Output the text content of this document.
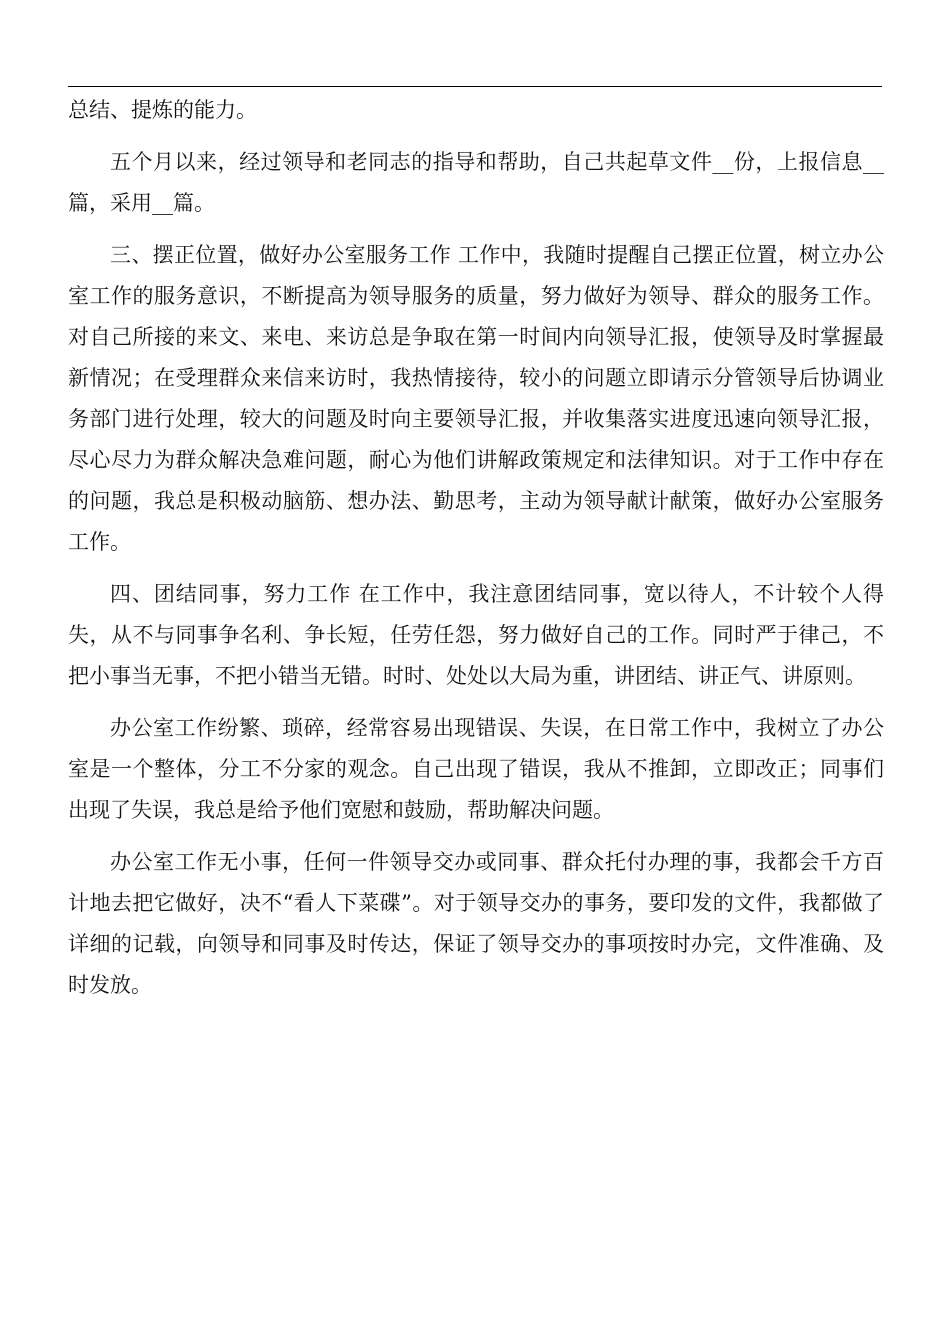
总结、提炼的能力。

五个月以来，经过领导和老同志的指导和帮助，自己共起草文件__份，上报信息__篇，采用__篇。

三、摆正位置，做好办公室服务工作 工作中，我随时提醒自己摆正位置，树立办公室工作的服务意识，不断提高为领导服务的质量，努力做好为领导、群众的服务工作。对自己所接的来文、来电、来访总是争取在第一时间内向领导汇报，使领导及时掌握最新情况；在受理群众来信来访时，我热情接待，较小的问题立即请示分管领导后协调业务部门进行处理，较大的问题及时向主要领导汇报，并收集落实进度迅速向领导汇报，尽心尽力为群众解决急难问题，耐心为他们讲解政策规定和法律知识。对于工作中存在的问题，我总是积极动脑筋、想办法、勤思考，主动为领导献计献策，做好办公室服务工作。

四、团结同事，努力工作 在工作中，我注意团结同事，宽以待人，不计较个人得失，从不与同事争名利、争长短，任劳任怨，努力做好自己的工作。同时严于律己，不把小事当无事，不把小错当无错。时时、处处以大局为重，讲团结、讲正气、讲原则。

办公室工作纷繁、琐碎，经常容易出现错误、失误，在日常工作中，我树立了办公室是一个整体，分工不分家的观念。自己出现了错误，我从不推卸，立即改正；同事们出现了失误，我总是给予他们宽慰和鼓励，帮助解决问题。

办公室工作无小事，任何一件领导交办或同事、群众托付办理的事，我都会千方百计地去把它做好，决不“看人下菜碟”。对于领导交办的事务，要印发的文件，我都做了详细的记载，向领导和同事及时传达，保证了领导交办的事项按时办完，文件准确、及时发放。
